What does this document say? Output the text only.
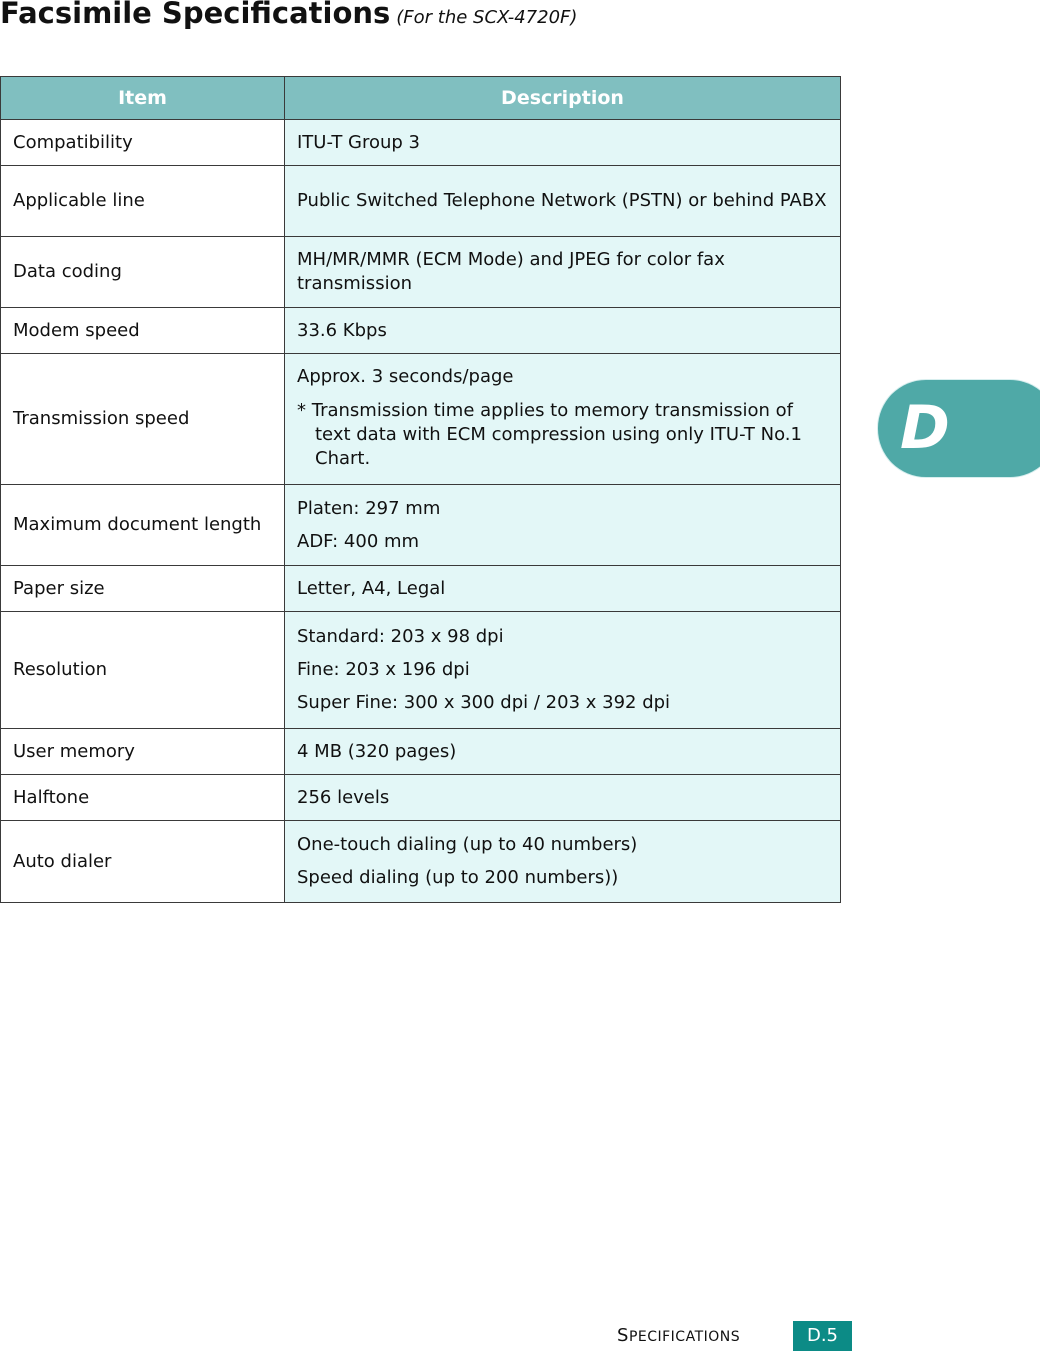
Facsimile Specifications (For the SCX-4720F)
Item	Description
Compatibility	ITU-T Group 3

Applicable line	Public Switched Telephone Network (PSTN) or behind PABX

Data coding	MH/MR/MMR (ECM Mode) and JPEG for color fax transmission

Modem speed	33.6 Kbps

Transmission speed	Approx. 3 seconds/page
* Transmission time applies to memory transmission of text data with ECM compression using only ITU-T No.1 Chart.

Maximum document length	Platen: 297 mm
ADF: 400 mm

Paper size	Letter, A4, Legal

Resolution	Standard: 203 x 98 dpi
Fine: 203 x 196 dpi
Super Fine: 300 x 300 dpi / 203 x 392 dpi

User memory	4 MB (320 pages)

Halftone	256 levels

Auto dialer	One-touch dialing (up to 40 numbers)
Speed dialing (up to 200 numbers))
D
SPECIFICATIONS	D.5
